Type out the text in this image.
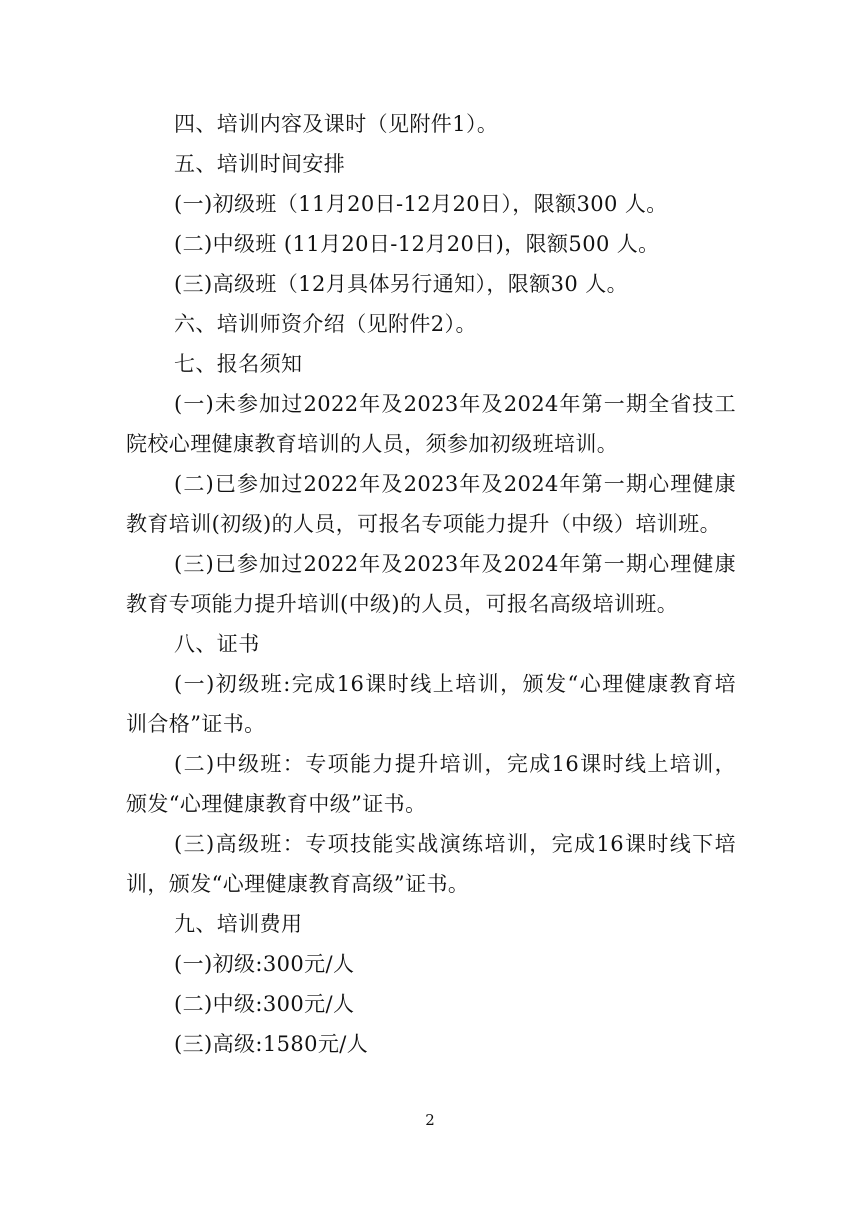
四、培训内容及课时（见附件1）。
五、培训时间安排
(一)初级班（11月20日-12月20日），限额300 人。
(二)中级班 (11月20日-12月20日)，限额500 人。
(三)高级班（12月具体另行通知），限额30 人。
六、培训师资介绍（见附件2）。
七、报名须知
(一)未参加过2022年及2023年及2024年第一期全省技工
院校心理健康教育培训的人员，须参加初级班培训。
(二)已参加过2022年及2023年及2024年第一期心理健康
教育培训(初级)的人员，可报名专项能力提升（中级）培训班。
(三)已参加过2022年及2023年及2024年第一期心理健康
教育专项能力提升培训(中级)的人员，可报名高级培训班。
八、证书
(一)初级班:完成16课时线上培训，颁发“心理健康教育培
训合格”证书。
(二)中级班：专项能力提升培训，完成16课时线上培训，
颁发“心理健康教育中级”证书。
(三)高级班：专项技能实战演练培训，完成16课时线下培
训，颁发“心理健康教育高级”证书。
九、培训费用
(一)初级:300元/人
(二)中级:300元/人
(三)高级:1580元/人
2
